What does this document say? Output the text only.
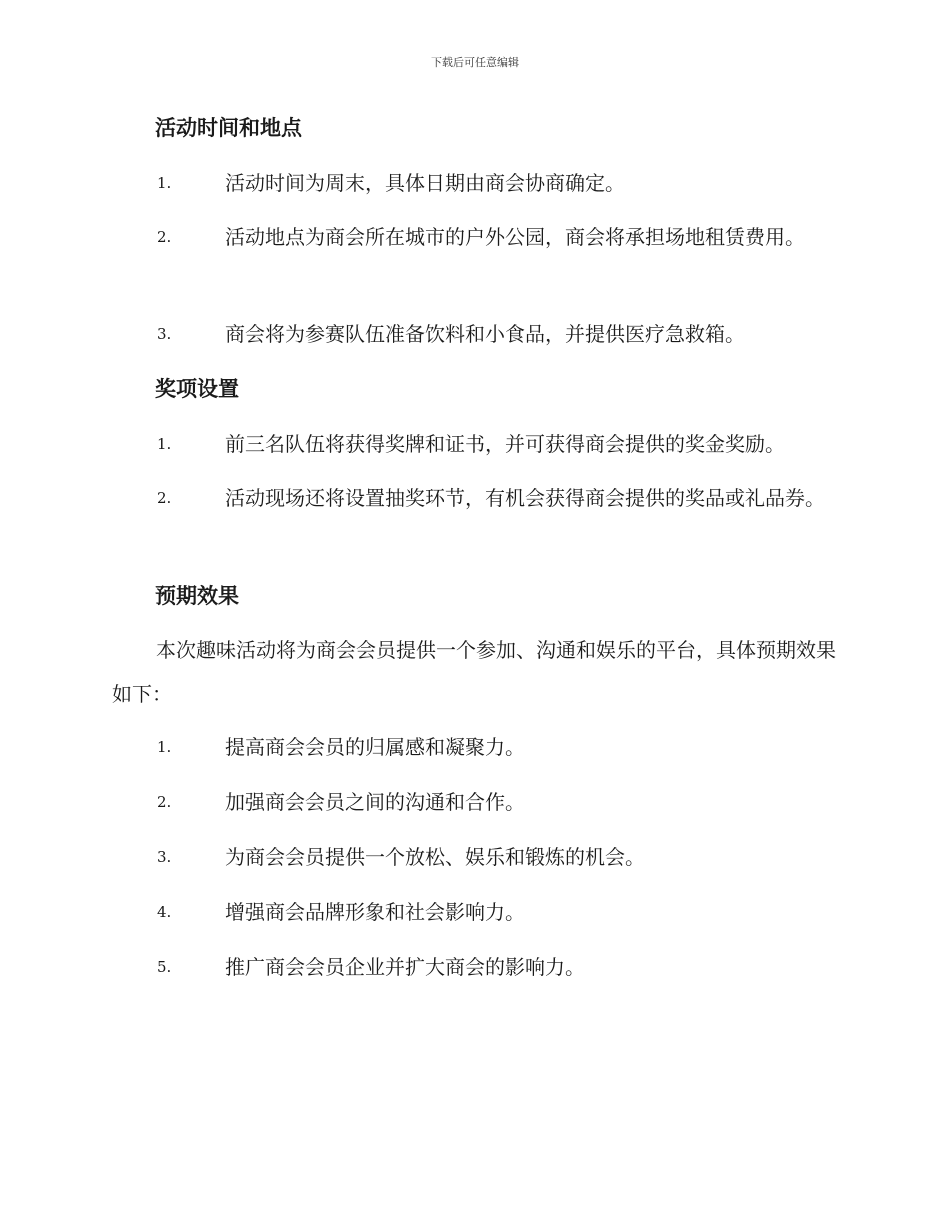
下载后可任意编辑
活动时间和地点
1.	活动时间为周末，具体日期由商会协商确定。
2.	活动地点为商会所在城市的户外公园，商会将承担场地租赁费用。
3.	商会将为参赛队伍准备饮料和小食品，并提供医疗急救箱。
奖项设置
1.	前三名队伍将获得奖牌和证书，并可获得商会提供的奖金奖励。
2.	活动现场还将设置抽奖环节，有机会获得商会提供的奖品或礼品券。
预期效果
本次趣味活动将为商会会员提供一个参加、沟通和娱乐的平台，具体预期效果如下：
1.	提高商会会员的归属感和凝聚力。
2.	加强商会会员之间的沟通和合作。
3.	为商会会员提供一个放松、娱乐和锻炼的机会。
4.	增强商会品牌形象和社会影响力。
5.	推广商会会员企业并扩大商会的影响力。
